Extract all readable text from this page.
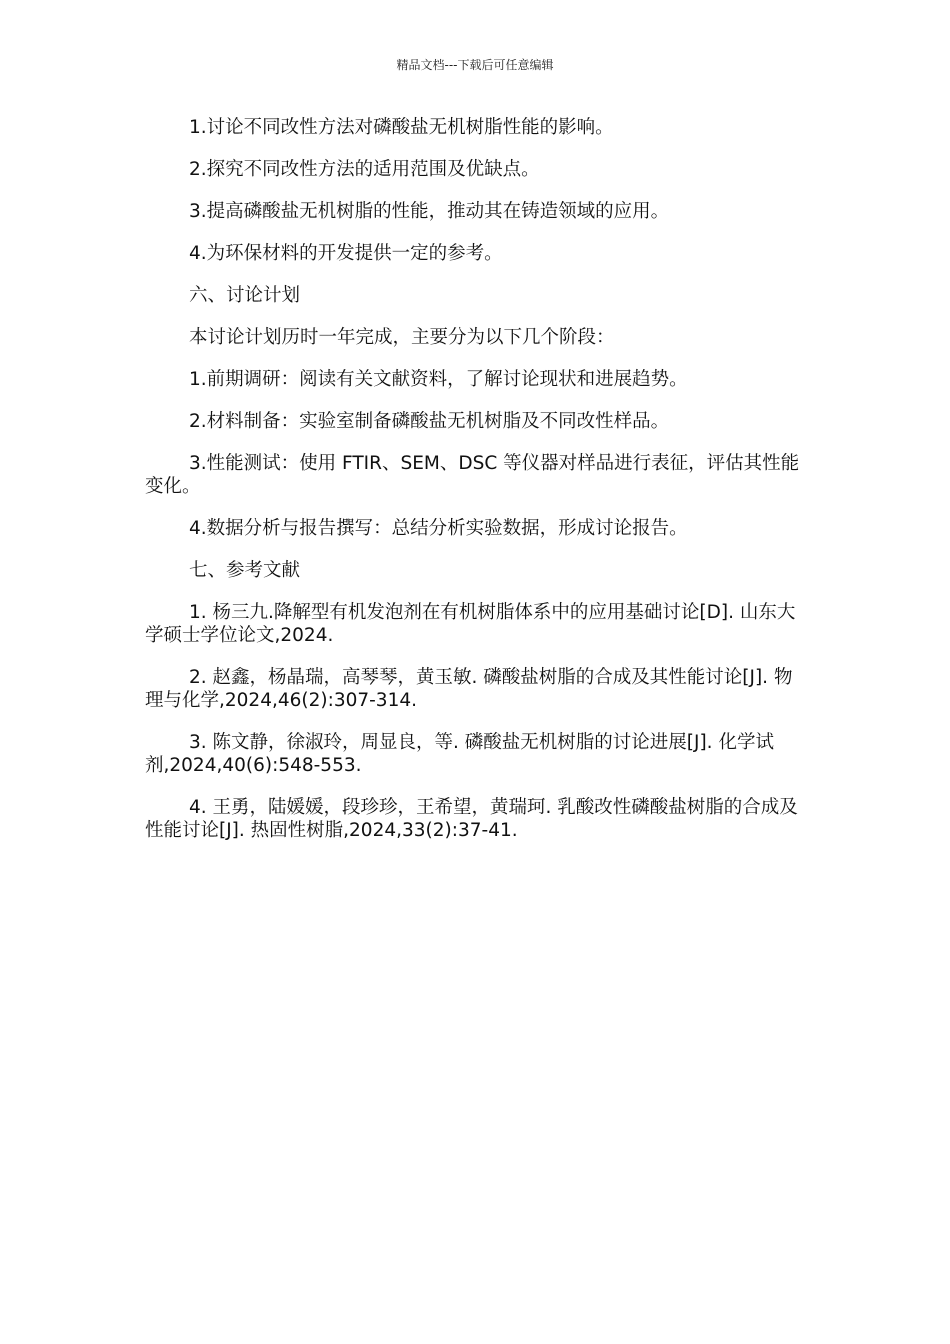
精品文档---下载后可任意编辑

1.讨论不同改性方法对磷酸盐无机树脂性能的影响。

2.探究不同改性方法的适用范围及优缺点。

3.提高磷酸盐无机树脂的性能，推动其在铸造领域的应用。

4.为环保材料的开发提供一定的参考。

六、讨论计划

本讨论计划历时一年完成，主要分为以下几个阶段：

1.前期调研：阅读有关文献资料，了解讨论现状和进展趋势。

2.材料制备：实验室制备磷酸盐无机树脂及不同改性样品。

3.性能测试：使用 FTIR、SEM、DSC 等仪器对样品进行表征，评估其性能变化。

4.数据分析与报告撰写：总结分析实验数据，形成讨论报告。

七、参考文献

1. 杨三九.降解型有机发泡剂在有机树脂体系中的应用基础讨论[D]. 山东大学硕士学位论文,2024.

2. 赵鑫，杨晶瑞，高琴琴，黄玉敏. 磷酸盐树脂的合成及其性能讨论[J]. 物理与化学,2024,46(2):307-314.

3. 陈文静，徐淑玲，周显良，等. 磷酸盐无机树脂的讨论进展[J]. 化学试剂,2024,40(6):548-553.

4. 王勇，陆媛媛，段珍珍，王希望，黄瑞珂. 乳酸改性磷酸盐树脂的合成及性能讨论[J]. 热固性树脂,2024,33(2):37-41.
